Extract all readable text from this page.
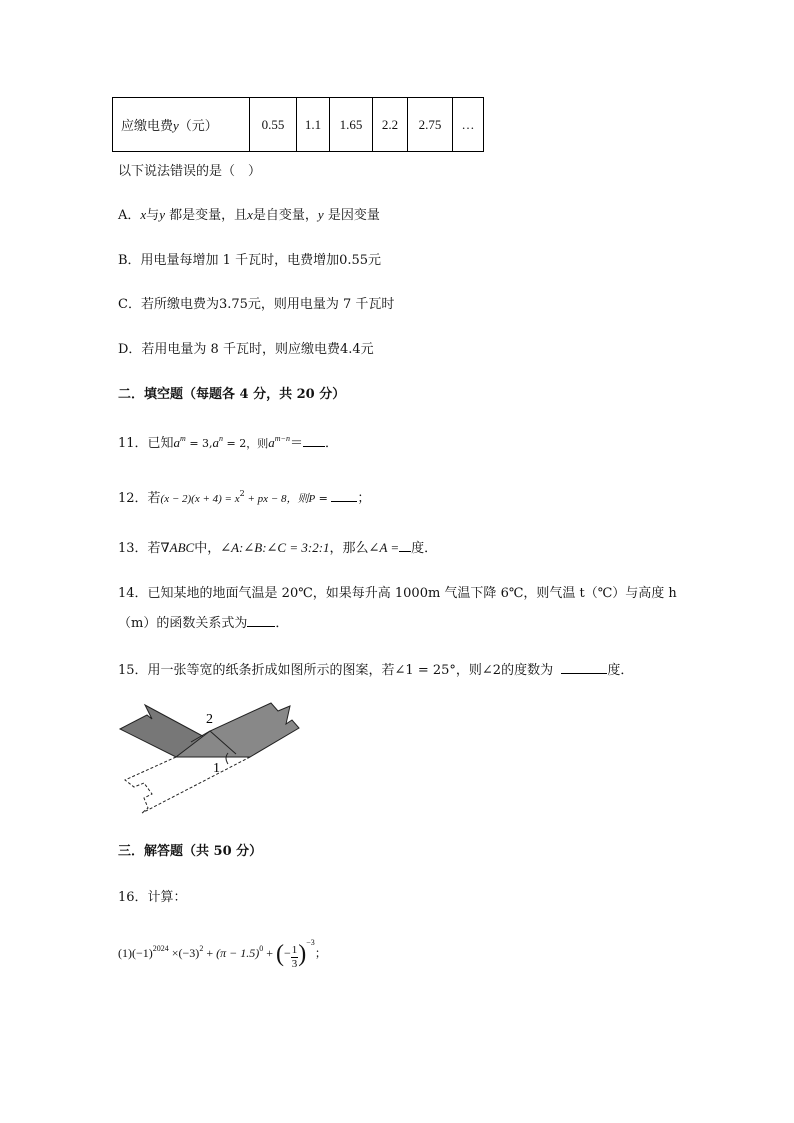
应缴电费y（元）	0.55	1.1	1.65	2.2	2.75	…
以下说法错误的是（　）
A．x与y 都是变量，且x是自变量，y 是因变量
B．用电量每增加 1 千瓦时，电费增加0.55元
C．若所缴电费为3.75元，则用电量为 7 千瓦时
D．若用电量为 8 千瓦时，则应缴电费4.4元
二．填空题（每题各 4 分，共 20 分）
11．已知$a^m = 3,a^n = 2$，则$a^{m-n}=$ ．
12．若$(x - 2)(x + 4) = x^2$ + px − 8，则P = ；
13．若∇ABC中，∠A:∠B:∠C = 3:2:1，那么∠A = 度．
14．已知某地的地面气温是 20℃，如果每升高 1000m 气温下降 6℃，则气温 t（℃）与高度 h
（m）的函数关系式为 ．
15．用一张等宽的纸条折成如图所示的图案，若∠1 = 25°，则∠2的度数为	度．
2
1
三．解答题（共 50 分）
16．计算：
$(1)(-1)^{2024} \times(-3)^2 + (\pi - 1.5)^0$ + (− $\frac{1}{3} )^{-3}$；
